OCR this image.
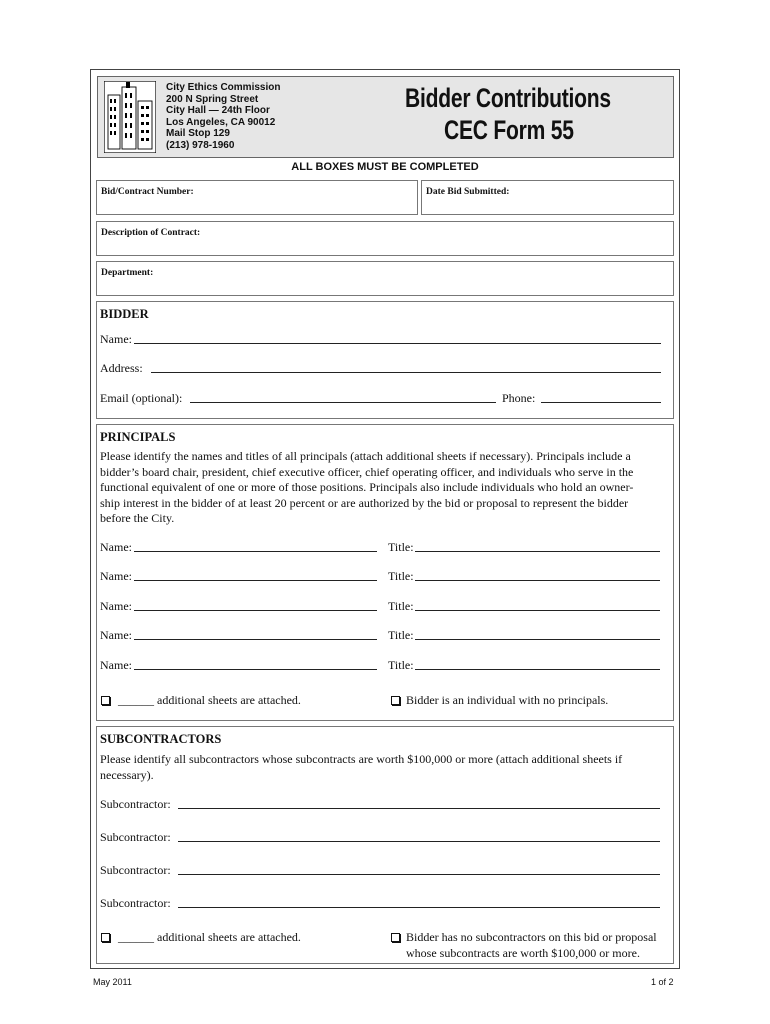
City Ethics Commission
200 N Spring Street
City Hall — 24th Floor
Los Angeles, CA 90012
Mail Stop 129
(213) 978-1960
Bidder Contributions
CEC Form 55
ALL BOXES MUST BE COMPLETED
Bid/Contract Number:	Date Bid Submitted:
Description of Contract:
Department:
BIDDER
Name:
Address:
Email (optional):	Phone:
PRINCIPALS
Please identify the names and titles of all principals (attach additional sheets if necessary). Principals include a
bidder’s board chair, president, chief executive officer, chief operating officer, and individuals who serve in the
functional equivalent of one or more of those positions. Principals also include individuals who hold an owner-
ship interest in the bidder of at least 20 percent or are authorized by the bid or proposal to represent the bidder
before the City.
Name:	Title:
Name:	Title:
Name:	Title:
Name:	Title:
Name:	Title:
______ additional sheets are attached.	Bidder is an individual with no principals.
SUBCONTRACTORS
Please identify all subcontractors whose subcontracts are worth $100,000 or more (attach additional sheets if
necessary).
Subcontractor:
Subcontractor:
Subcontractor:
Subcontractor:
______ additional sheets are attached.	Bidder has no subcontractors on this bid or proposal
whose subcontracts are worth $100,000 or more.
May 2011	1 of 2
